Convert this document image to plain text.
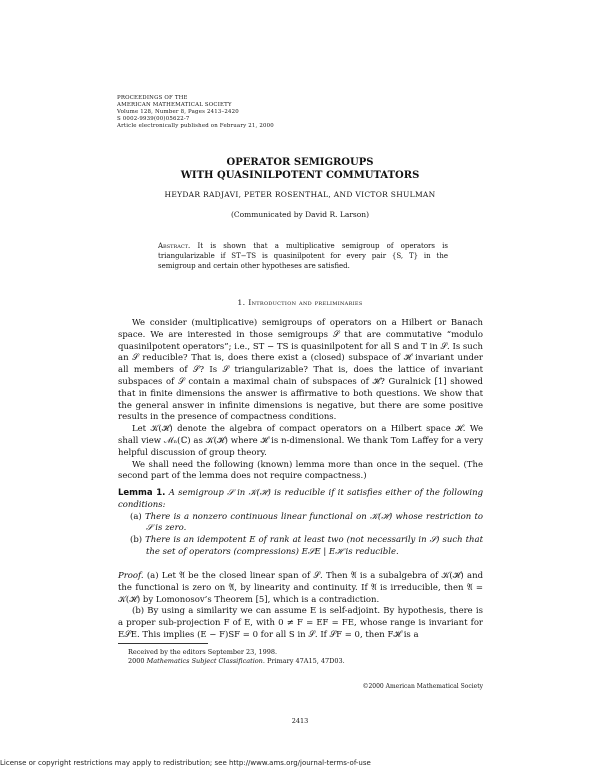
PROCEEDINGS OF THE
AMERICAN MATHEMATICAL SOCIETY
Volume 128, Number 8, Pages 2413–2420
S 0002-9939(00)05622-7
Article electronically published on February 21, 2000
OPERATOR SEMIGROUPS
WITH QUASINILPOTENT COMMUTATORS
HEYDAR RADJAVI, PETER ROSENTHAL, AND VICTOR SHULMAN
(Communicated by David R. Larson)
Abstract. It is shown that a multiplicative semigroup of operators is triangularizable if ST−TS is quasinilpotent for every pair {S, T} in the semigroup and certain other hypotheses are satisfied.
1. Introduction and preliminaries

We consider (multiplicative) semigroups of operators on a Hilbert or Banach space. We are interested in those semigroups 𝒮 that are commutative “modulo quasinilpotent operators”; i.e., ST − TS is quasinilpotent for all S and T in 𝒮. Is such an 𝒮 reducible? That is, does there exist a (closed) subspace of ℋ invariant under all members of 𝒮? Is 𝒮 triangularizable? That is, does the lattice of invariant subspaces of 𝒮 contain a maximal chain of subspaces of ℋ? Guralnick [1] showed that in finite dimensions the answer is affirmative to both questions. We show that the general answer in infinite dimensions is negative, but there are some positive results in the presence of compactness conditions.

Let 𝒦(ℋ) denote the algebra of compact operators on a Hilbert space ℋ. We shall view ℳₙ(ℂ) as 𝒦(ℋ) where ℋ is n-dimensional. We thank Tom Laffey for a very helpful discussion of group theory.

We shall need the following (known) lemma more than once in the sequel. (The second part of the lemma does not require compactness.)

Lemma 1. A semigroup 𝒮 in 𝒦(ℋ) is reducible if it satisfies either of the following conditions:

(a) There is a nonzero continuous linear functional on 𝒦(ℋ) whose restriction to 𝒮 is zero.

(b) There is an idempotent E of rank at least two (not necessarily in 𝒮) such that the set of operators (compressions) E𝒮E | Eℋ is reducible.

Proof. (a) Let 𝔄 be the closed linear span of 𝒮. Then 𝔄 is a subalgebra of 𝒦(ℋ) and the functional is zero on 𝔄, by linearity and continuity. If 𝔄 is irreducible, then 𝔄 = 𝒦(ℋ) by Lomonosov’s Theorem [5], which is a contradiction.

(b) By using a similarity we can assume E is self-adjoint. By hypothesis, there is a proper sub-projection F of E, with 0 ≠ F = EF = FE, whose range is invariant for E𝒮E. This implies (E − F)SF = 0 for all S in 𝒮. If 𝒮F = 0, then Fℋ is a

Received by the editors September 23, 1998.
2000 Mathematics Subject Classification. Primary 47A15, 47D03.
©2000 American Mathematical Society
2413
License or copyright restrictions may apply to redistribution; see http://www.ams.org/journal-terms-of-use
